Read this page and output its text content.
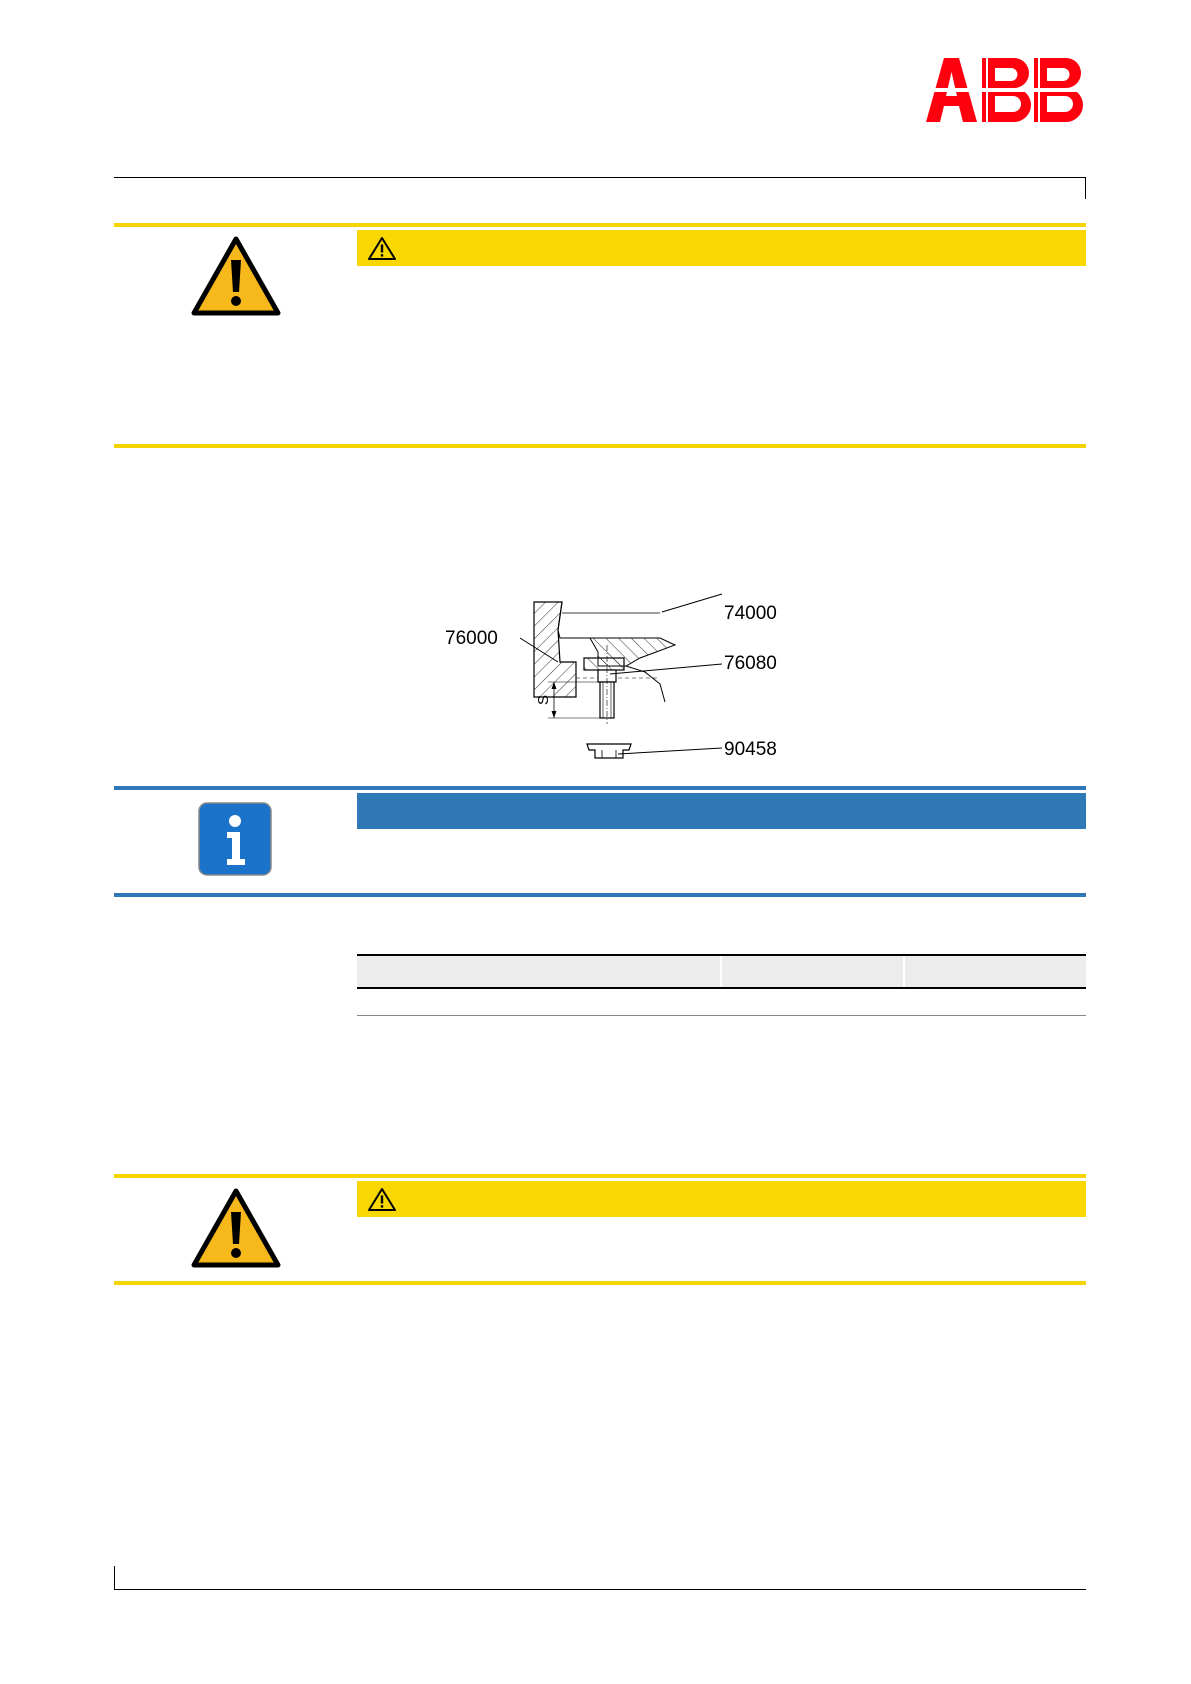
S
76000
74000
76080
90458
